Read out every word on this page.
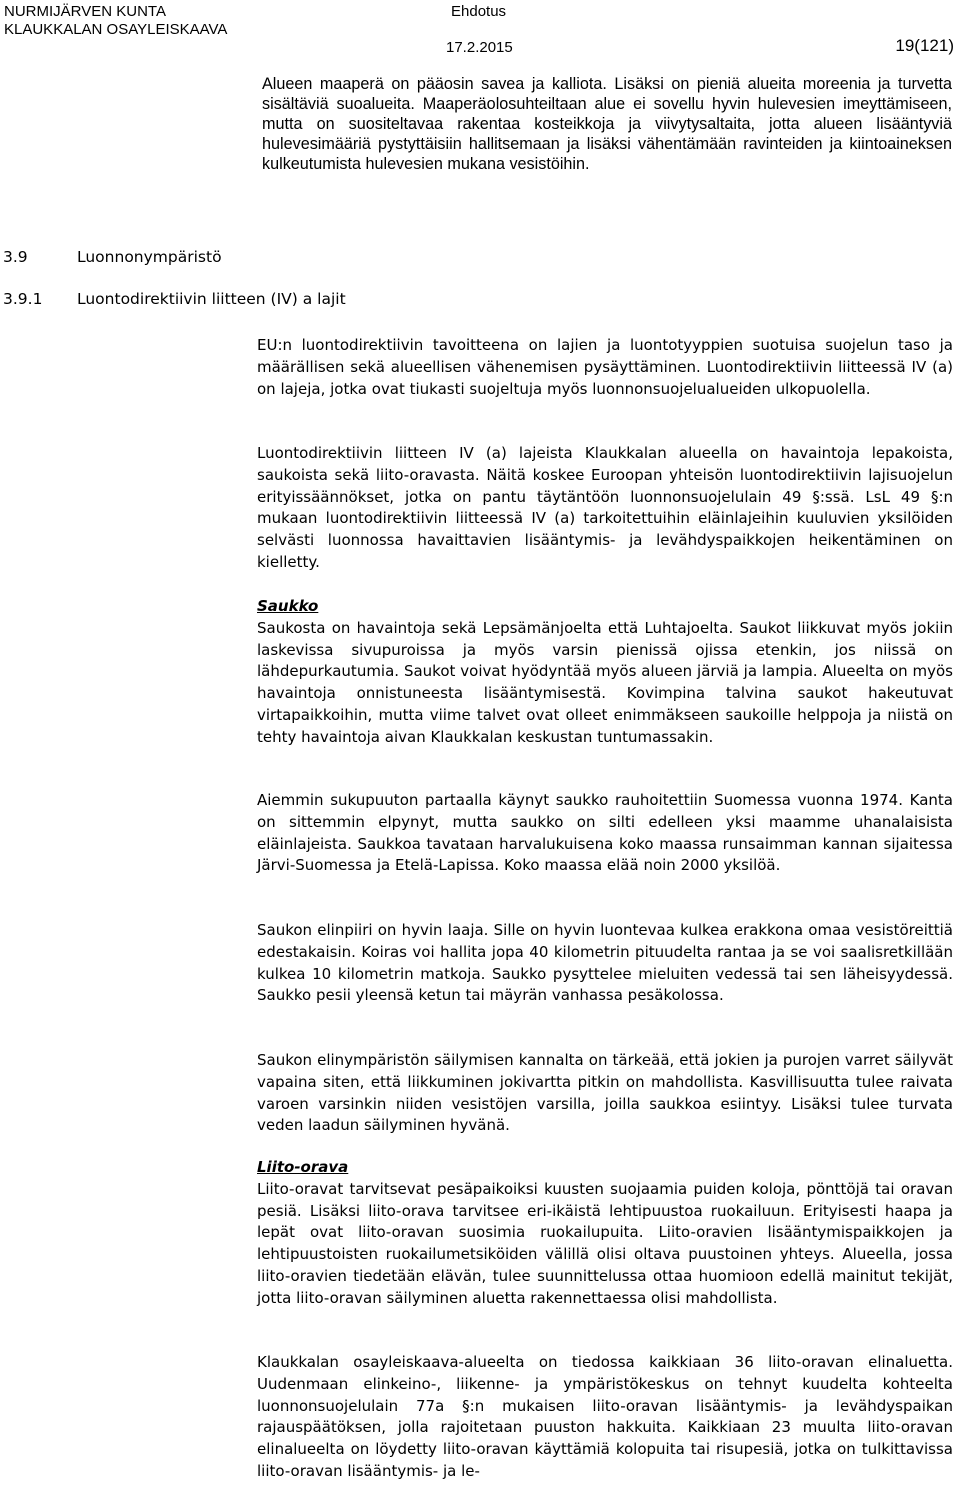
NURMIJÄRVEN KUNTA

KLAUKKALAN OSAYLEISKAAVA

Ehdotus

17.2.2015	19(121)

Alueen maaperä on pääosin savea ja kalliota. Lisäksi on pieniä alueita moreenia ja turvetta sisältäviä suoalueita. Maaperäolosuhteiltaan alue ei sovellu hyvin hulevesien imeyttämiseen, mutta on suositeltavaa rakentaa kosteikkoja ja viivytysaltaita, jotta alueen lisääntyviä hulevesimääriä pystyttäisiin hallitsemaan ja lisäksi vähentämään ravinteiden ja kiintoaineksen kulkeutumista hulevesien mukana vesistöihin.

3.9	Luonnonympäristö

3.9.1 Luontodirektiivin liitteen (IV) a lajit

EU:n luontodirektiivin tavoitteena on lajien ja luontotyyppien suotuisa suojelun taso ja määrällisen sekä alueellisen vähenemisen pysäyttäminen. Luontodirektiivin liitteessä IV (a) on lajeja, jotka ovat tiukasti suojeltuja myös luonnonsuojelualueiden ulkopuolella.

Luontodirektiivin liitteen IV (a) lajeista Klaukkalan alueella on havaintoja lepakoista, saukoista sekä liito-oravasta. Näitä koskee Euroopan yhteisön luontodirektiivin lajisuojelun erityissäännökset, jotka on pantu täytäntöön luonnonsuojelulain 49 §:ssä. LsL 49 §:n mukaan luontodirektiivin liitteessä IV (a) tarkoitettuihin eläinlajeihin kuuluvien yksilöiden selvästi luonnossa havaittavien lisääntymis- ja levähdyspaikkojen heikentäminen on kielletty.

Saukko
Saukosta on havaintoja sekä Lepsämänjoelta että Luhtajoelta. Saukot liikkuvat myös jokiin laskevissa sivupuroissa ja myös varsin pienissä ojissa etenkin, jos niissä on lähdepurkautumia. Saukot voivat hyödyntää myös alueen järviä ja lampia. Alueelta on myös havaintoja onnistuneesta lisääntymisestä. Kovimpina talvina saukot hakeutuvat virtapaikkoihin, mutta viime talvet ovat olleet enimmäkseen saukoille helppoja ja niistä on tehty havaintoja aivan Klaukkalan keskustan tuntumassakin.

Aiemmin sukupuuton partaalla käynyt saukko rauhoitettiin Suomessa vuonna 1974. Kanta on sittemmin elpynyt, mutta saukko on silti edelleen yksi maamme uhanalaisista eläinlajeista. Saukkoa tavataan harvalukuisena koko maassa runsaimman kannan sijaitessa Järvi-Suomessa ja Etelä-Lapissa. Koko maassa elää noin 2000 yksilöä.

Saukon elinpiiri on hyvin laaja. Sille on hyvin luontevaa kulkea erakkona omaa vesistöreittiä edestakaisin. Koiras voi hallita jopa 40 kilometrin pituudelta rantaa ja se voi saalisretkillään kulkea 10 kilometrin matkoja. Saukko pysyttelee mieluiten vedessä tai sen läheisyydessä. Saukko pesii yleensä ketun tai mäyrän vanhassa pesäkolossa.

Saukon elinympäristön säilymisen kannalta on tärkeää, että jokien ja purojen varret säilyvät vapaina siten, että liikkuminen jokivartta pitkin on mahdollista. Kasvillisuutta tulee raivata varoen varsinkin niiden vesistöjen varsilla, joilla saukkoa esiintyy. Lisäksi tulee turvata veden laadun säilyminen hyvänä.

Liito-orava
Liito-oravat tarvitsevat pesäpaikoiksi kuusten suojaamia puiden koloja, pönttöjä tai oravan pesiä. Lisäksi liito-orava tarvitsee eri-ikäistä lehtipuustoa ruokailuun. Erityisesti haapa ja lepät ovat liito-oravan suosimia ruokailupuita. Liito-oravien lisääntymispaikkojen ja lehtipuustoisten ruokailumetsiköiden välillä olisi oltava puustoinen yhteys. Alueella, jossa liito-oravien tiedetään elävän, tulee suunnittelussa ottaa huomioon edellä mainitut tekijät, jotta liito-oravan säilyminen aluetta rakennettaessa olisi mahdollista.

Klaukkalan osayleiskaava-alueelta on tiedossa kaikkiaan 36 liito-oravan elinaluetta. Uudenmaan elinkeino-, liikenne- ja ympäristökeskus on tehnyt kuudelta kohteelta luonnonsuojelulain 77a §:n mukaisen liito-oravan lisääntymis- ja levähdyspaikan rajauspäätöksen, jolla rajoitetaan puuston hakkuita. Kaikkiaan 23 muulta liito-oravan elinalueelta on löydetty liito-oravan käyttämiä kolopuita tai risupesiä, jotka on tulkittavissa liito-oravan lisääntymis- ja le-
